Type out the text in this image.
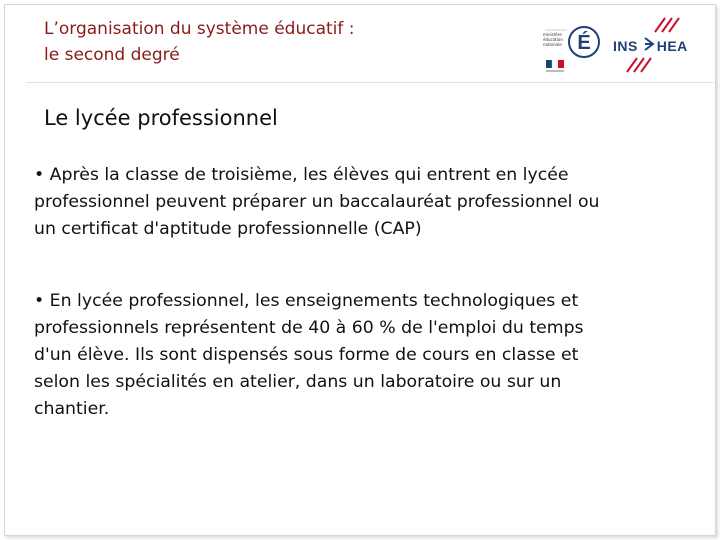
L’organisation du système éducatif :
le second degré
ministère
éducation
nationale É INS  HEA
Le lycée professionnel
• Après la classe de troisième, les élèves qui entrent en lycée
professionnel peuvent préparer un baccalauréat professionnel ou
un certificat d'aptitude professionnelle (CAP)
• En lycée professionnel, les enseignements technologiques et
professionnels représentent de 40 à 60 % de l'emploi du temps
d'un élève. Ils sont dispensés sous forme de cours en classe et
selon les spécialités en atelier, dans un laboratoire ou sur un
chantier.
